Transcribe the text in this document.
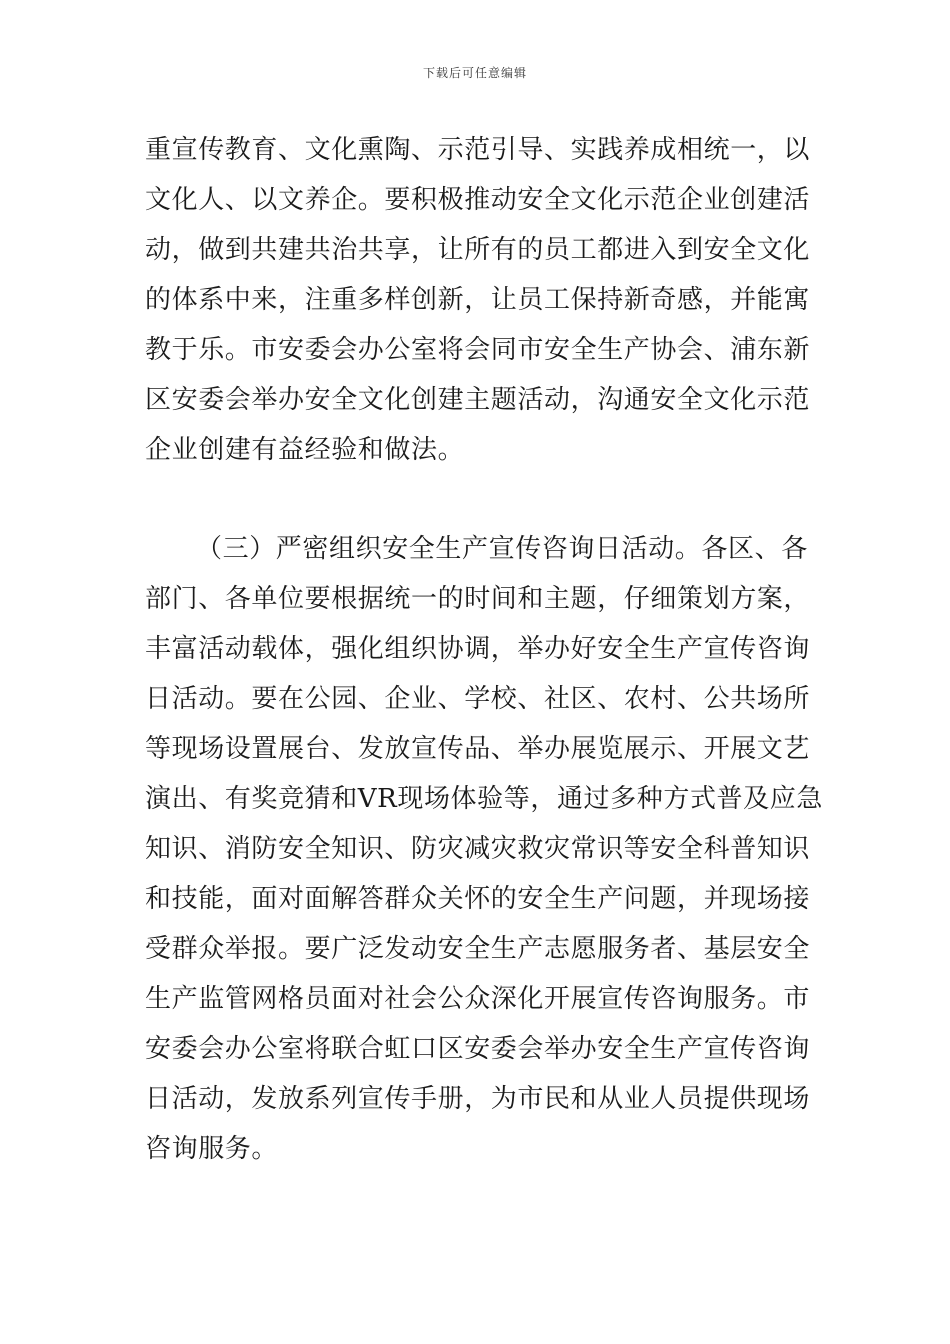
下载后可任意编辑
重宣传教育、文化熏陶、示范引导、实践养成相统一，以
文化人、以文养企。要积极推动安全文化示范企业创建活
动，做到共建共治共享，让所有的员工都进入到安全文化
的体系中来，注重多样创新，让员工保持新奇感，并能寓
教于乐。市安委会办公室将会同市安全生产协会、浦东新
区安委会举办安全文化创建主题活动，沟通安全文化示范
企业创建有益经验和做法。
（三）严密组织安全生产宣传咨询日活动。各区、各
部门、各单位要根据统一的时间和主题，仔细策划方案，
丰富活动载体，强化组织协调，举办好安全生产宣传咨询
日活动。要在公园、企业、学校、社区、农村、公共场所
等现场设置展台、发放宣传品、举办展览展示、开展文艺
演出、有奖竞猜和VR现场体验等，通过多种方式普及应急
知识、消防安全知识、防灾减灾救灾常识等安全科普知识
和技能，面对面解答群众关怀的安全生产问题，并现场接
受群众举报。要广泛发动安全生产志愿服务者、基层安全
生产监管网格员面对社会公众深化开展宣传咨询服务。市
安委会办公室将联合虹口区安委会举办安全生产宣传咨询
日活动，发放系列宣传手册，为市民和从业人员提供现场
咨询服务。
